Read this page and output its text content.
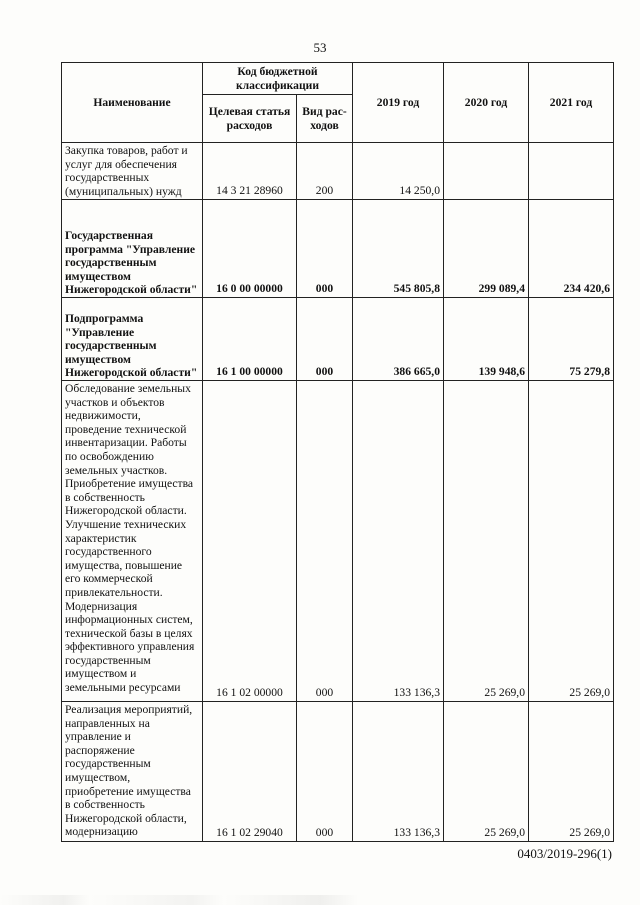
53
Наименование	Код бюджетной классификации		2019 год	2020 год	2021 год
	Целевая статья расходов	Вид рас-ходов			
Закупка товаров, работ и услуг для обеспечения государственных (муниципальных) нужд	14 3 21 28960	200	14 250,0		
Государственная программа "Управление государственным имуществом Нижегородской области"	16 0 00 00000	000	545 805,8	299 089,4	234 420,6
Подпрограмма "Управление государственным имуществом Нижегородской области"	16 1 00 00000	000	386 665,0	139 948,6	75 279,8
Обследование земельных участков и объектов недвижимости, проведение технической инвентаризации. Работы по освобождению земельных участков. Приобретение имущества в собственность Нижегородской области. Улучшение технических характеристик государственного имущества, повышение его коммерческой привлекательности. Модернизация информационных систем, технической базы в целях эффективного управления государственным имуществом и земельными ресурсами	16 1 02 00000	000	133 136,3	25 269,0	25 269,0
Реализация мероприятий, направленных на управление и распоряжение государственным имуществом, приобретение имущества в собственность Нижегородской области, модернизацию	16 1 02 29040	000	133 136,3	25 269,0	25 269,0
0403/2019-296(1)
